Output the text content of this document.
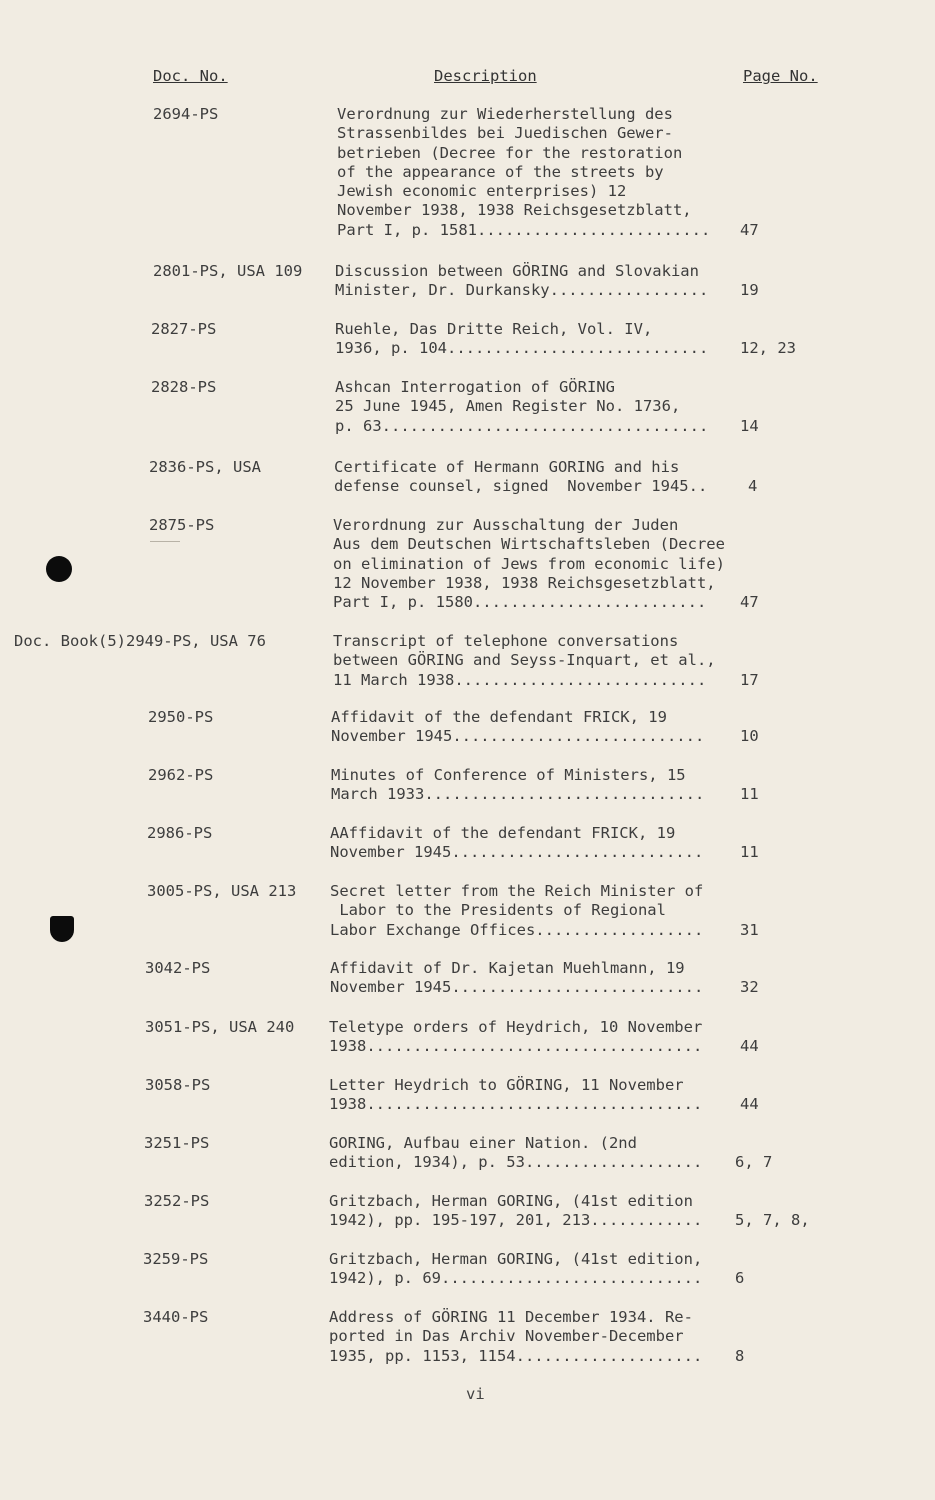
Doc. No.	Description	Page No.
2694-PS	Verordnung zur Wiederherstellung des
Strassenbildes bei Juedischen Gewer-
betrieben (Decree for the restoration
of the appearance of the streets by
Jewish economic enterprises) 12
November 1938, 1938 Reichsgesetzblatt,
Part I, p. 1581.........................	47
2801-PS, USA 109 Discussion between GÖRING and Slovakian
Minister, Dr. Durkansky.................	19
2827-PS	Ruehle, Das Dritte Reich, Vol. IV,
1936, p. 104............................	12, 23
2828-PS	Ashcan Interrogation of GÖRING
25 June 1945, Amen Register No. 1736,
p. 63...................................	14
2836-PS, USA	Certificate of Hermann GORING and his
defense counsel, signed  November 1945..	4
2875-PS	Verordnung zur Ausschaltung der Juden
Aus dem Deutschen Wirtschaftsleben (Decree
on elimination of Jews from economic life)
12 November 1938, 1938 Reichsgesetzblatt,
Part I, p. 1580.........................	47
Doc. Book(5)2949-PS, USA 76	Transcript of telephone conversations
between GÖRING and Seyss-Inquart, et al.,
11 March 1938...........................	17
2950-PS	Affidavit of the defendant FRICK, 19
November 1945...........................	10
2962-PS	Minutes of Conference of Ministers, 15
March 1933..............................	11
2986-PS	AAffidavit of the defendant FRICK, 19
November 1945...........................	11
3005-PS, USA 213 Secret letter from the Reich Minister of
Labor to the Presidents of Regional
Labor Exchange Offices..................	31
3042-PS	Affidavit of Dr. Kajetan Muehlmann, 19
November 1945...........................	32
3051-PS, USA 240 Teletype orders of Heydrich, 10 November
1938....................................	44
3058-PS	Letter Heydrich to GÖRING, 11 November
1938....................................	44
3251-PS	GORING, Aufbau einer Nation. (2nd
edition, 1934), p. 53...................	6, 7
3252-PS	Gritzbach, Herman GORING, (41st edition
1942), pp. 195-197, 201, 213............	5, 7, 8,
3259-PS	Gritzbach, Herman GORING, (41st edition,
1942), p. 69............................	6
3440-PS	Address of GÖRING 11 December 1934. Re-
ported in Das Archiv November-December
1935, pp. 1153, 1154....................	8
vi
